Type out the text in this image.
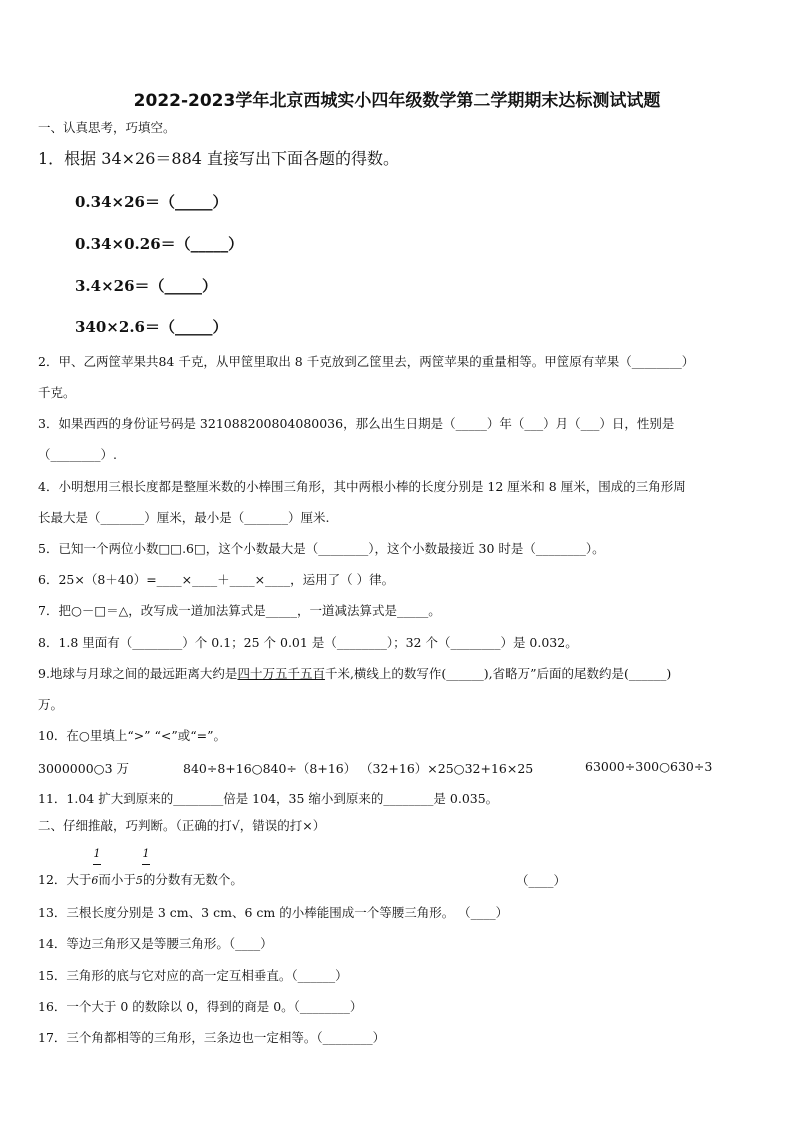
2022-2023学年北京西城实小四年级数学第二学期期末达标测试试题
一、认真思考，巧填空。
1．根据 34×26＝884 直接写出下面各题的得数。
0.34×26＝（_____）
0.34×0.26＝（_____）
3.4×26＝（_____）
340×2.6＝（_____）
2．甲、乙两筐苹果共84 千克，从甲筐里取出 8 千克放到乙筐里去，两筐苹果的重量相等。甲筐原有苹果（________）
千克。
3．如果西西的身份证号码是 321088200804080036，那么出生日期是（_____）年（___）月（___）日，性别是
（________）.
4．小明想用三根长度都是整厘米数的小棒围三角形，其中两根小棒的长度分别是 12 厘米和 8 厘米，围成的三角形周
长最大是（_______）厘米，最小是（_______）厘米.
5．已知一个两位小数□□.6□，这个小数最大是（________），这个小数最接近 30 时是（________）。
6．25×（8＋40）=____×____＋____×____，运用了（ ）律。
7．把○－□＝△，改写成一道加法算式是_____，一道减法算式是_____。
8．1.8 里面有（________）个 0.1；25 个 0.01 是（________）；32 个（________）是 0.032。
9.地球与月球之间的最远距离大约是四十万五千五百千米,横线上的数写作(______),省略万”后面的尾数约是(______)
万。
10．在○里填上“>” “<”或“=”。
3000000○3 万	840÷8+16○840÷（8+16） （32+16）×25○32+16×25	63000÷300○630÷3
11．1.04 扩大到原来的________倍是 104，35 缩小到原来的________是 0.035。
二、仔细推敲，巧判断。（正确的打√，错误的打×）
1	1
12．大于6而小于5的分数有无数个。	（____）
13．三根长度分别是 3 cm、3 cm、6 cm 的小棒能围成一个等腰三角形。 （____）
14．等边三角形又是等腰三角形。（____）
15．三角形的底与它对应的高一定互相垂直。（______）
16．一个大于 0 的数除以 0，得到的商是 0。（________）
17．三个角都相等的三角形，三条边也一定相等。（________）
